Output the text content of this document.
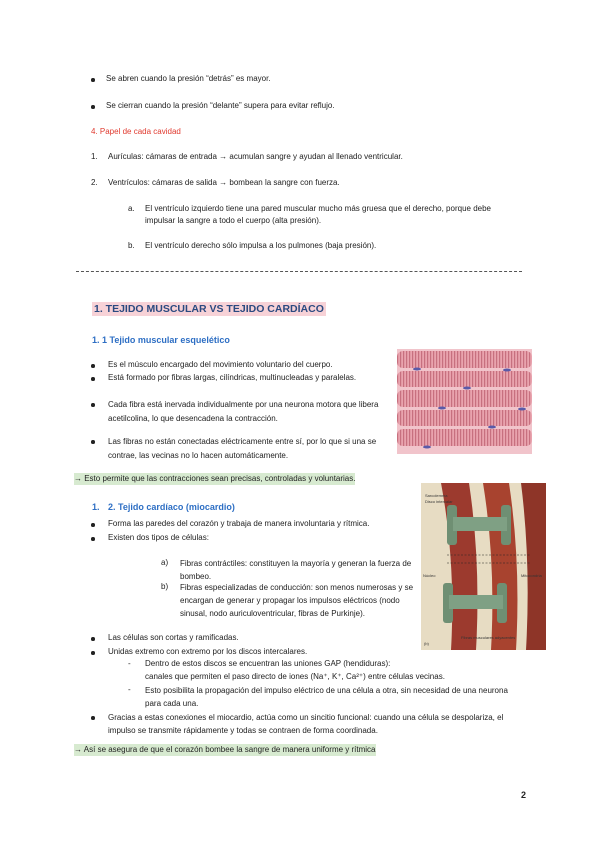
Se abren cuando la presión “detrás” es mayor.
Se cierran cuando la presión “delante” supera para evitar reflujo.
4. Papel de cada cavidad
1. Aurículas: cámaras de entrada → acumulan sangre y ayudan al llenado ventricular.
2. Ventrículos: cámaras de salida → bombean la sangre con fuerza.
a. El ventrículo izquierdo tiene una pared muscular mucho más gruesa que el derecho, porque debe impulsar la sangre a todo el cuerpo (alta presión).
b. El ventrículo derecho sólo impulsa a los pulmones (baja presión).
1. TEJIDO MUSCULAR VS TEJIDO CARDÍACO
1. 1 Tejido muscular esquelético
Es el músculo encargado del movimiento voluntario del cuerpo.
Está formado por fibras largas, cilíndricas, multinucleadas y paralelas.
Cada fibra está inervada individualmente por una neurona motora que libera acetilcolina, lo que desencadena la contracción.
Las fibras no están conectadas eléctricamente entre sí, por lo que si una se contrae, las vecinas no lo hacen automáticamente.
→ Esto permite que las contracciones sean precisas, controladas y voluntarias.
1. 2. Tejido cardíaco (miocardio)
Forma las paredes del corazón y trabaja de manera involuntaria y rítmica.
Existen dos tipos de células:
a) Fibras contráctiles: constituyen la mayoría y generan la fuerza de bombeo.
b) Fibras especializadas de conducción: son menos numerosas y se encargan de generar y propagar los impulsos eléctricos (nodo sinusal, nodo auriculoventricular, fibras de Purkinje).
Sarcolemma
Disco intercalar
Núcleo	Mitocondria
Fibras musculares adyacentes
(b)
Las células son cortas y ramificadas.
Unidas extremo con extremo por los discos intercalares.
- Dentro de estos discos se encuentran las uniones GAP (hendiduras):
canales que permiten el paso directo de iones (Na⁺, K⁺, Ca²⁺) entre células vecinas.
- Esto posibilita la propagación del impulso eléctrico de una célula a otra, sin necesidad de una neurona para cada una.
Gracias a estas conexiones el miocardio, actúa como un sincitio funcional: cuando una célula se despolariza, el impulso se transmite rápidamente y todas se contraen de forma coordinada.
→ Así se asegura de que el corazón bombee la sangre de manera uniforme y rítmica
2
